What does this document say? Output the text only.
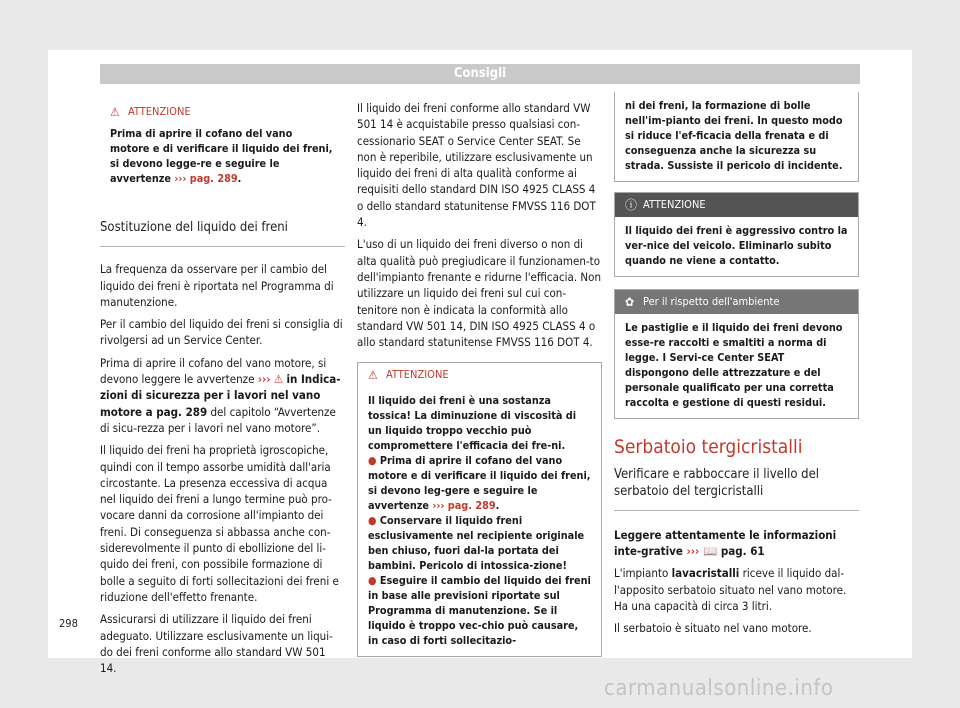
Consigli
⚠ ATTENZIONE
Prima di aprire il cofano del vano motore e di verificare il liquido dei freni, si devono legge-re e seguire le avvertenze ››› pag. 289.
Sostituzione del liquido dei freni

La frequenza da osservare per il cambio del liquido dei freni è riportata nel Programma di manutenzione.

Per il cambio del liquido dei freni si consiglia di rivolgersi ad un Service Center.

Prima di aprire il cofano del vano motore, si devono leggere le avvertenze ››› ⚠ in Indica-zioni di sicurezza per i lavori nel vano motore a pag. 289 del capitolo “Avvertenze di sicu-rezza per i lavori nel vano motore”.

Il liquido dei freni ha proprietà igroscopiche, quindi con il tempo assorbe umidità dall'aria circostante. La presenza eccessiva di acqua nel liquido dei freni a lungo termine può pro-vocare danni da corrosione all'impianto dei freni. Di conseguenza si abbassa anche con-siderevolmente il punto di ebollizione del li-quido dei freni, con possibile formazione di bolle a seguito di forti sollecitazioni dei freni e riduzione dell'effetto frenante.

Assicurarsi di utilizzare il liquido dei freni adeguato. Utilizzare esclusivamente un liqui-do dei freni conforme allo standard VW 501 14.

Il liquido dei freni conforme allo standard VW 501 14 è acquistabile presso qualsiasi con-cessionario SEAT o Service Center SEAT. Se non è reperibile, utilizzare esclusivamente un liquido dei freni di alta qualità conforme ai requisiti dello standard DIN ISO 4925 CLASS 4 o dello standard statunitense FMVSS 116 DOT 4.

L'uso di un liquido dei freni diverso o non di alta qualità può pregiudicare il funzionamen-to dell'impianto frenante e ridurne l'efficacia. Non utilizzare un liquido dei freni sul cui con-tenitore non è indicata la conformità allo standard VW 501 14, DIN ISO 4925 CLASS 4 o allo standard statunitense FMVSS 116 DOT 4.

⚠ ATTENZIONE

Il liquido dei freni è una sostanza tossica! La diminuzione di viscosità di un liquido troppo vecchio può compromettere l'efficacia dei fre-ni.

● Prima di aprire il cofano del vano motore e di verificare il liquido dei freni, si devono leg-gere e seguire le avvertenze ››› pag. 289.

● Conservare il liquido freni esclusivamente nel recipiente originale ben chiuso, fuori dal-la portata dei bambini. Pericolo di intossica-zione!

● Eseguire il cambio del liquido dei freni in base alle previsioni riportate sul Programma di manutenzione. Se il liquido è troppo vec-chio può causare, in caso di forti sollecitazio-

ni dei freni, la formazione di bolle nell'im-pianto dei freni. In questo modo si riduce l'ef-ficacia della frenata e di conseguenza anche la sicurezza su strada. Sussiste il pericolo di incidente.
ⓘ ATTENZIONE
Il liquido dei freni è aggressivo contro la ver-nice del veicolo. Eliminarlo subito quando ne viene a contatto.
✿ Per il rispetto dell'ambiente
Le pastiglie e il liquido dei freni devono esse-re raccolti e smaltiti a norma di legge. I Servi-ce Center SEAT dispongono delle attrezzature e del personale qualificato per una corretta raccolta e gestione di questi residui.
Serbatoio tergicristalli
Verificare e rabboccare il livello del serbatoio del tergicristalli

Leggere attentamente le informazioni inte-grative ››› 📖 pag. 61

L'impianto lavacristalli riceve il liquido dal-l'apposito serbatoio situato nel vano motore. Ha una capacità di circa 3 litri.

Il serbatoio è situato nel vano motore.

298
carmanualsonline.info
